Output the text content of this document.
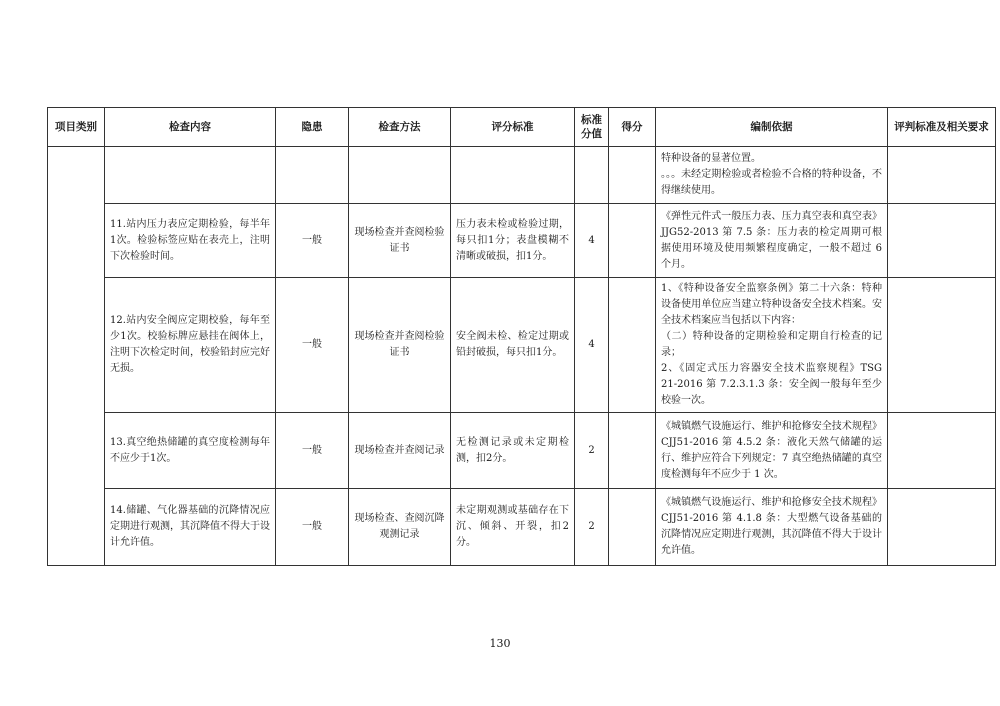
项目类别	检查内容	隐患	检查方法	评分标准	标准分值	得分	编制依据	评判标准及相关要求

							特种设备的显著位置。
。。。未经定期检验或者检验不合格的特种设备，不得继续使用。	

	11.站内压力表应定期检验，每半年1次。检验标签应贴在表壳上，注明下次检验时间。	一般	现场检查并查阅检验证书	压力表未检或检验过期，每只扣1分；表盘模糊不清晰或破损，扣1分。	4		《弹性元件式一般压力表、压力真空表和真空表》JJG52-2013 第 7.5 条：压力表的检定周期可根据使用环境及使用频繁程度确定，一般不超过 6 个月。	

	12.站内安全阀应定期校验，每年至少1次。校验标牌应悬挂在阀体上，注明下次检定时间，校验铅封应完好无损。	一般	现场检查并查阅检验证书	安全阀未检、检定过期或铅封破损，每只扣1分。	4		1、《特种设备安全监察条例》第二十六条：特种设备使用单位应当建立特种设备安全技术档案。安全技术档案应当包括以下内容：
（二）特种设备的定期检验和定期自行检查的记录；
2、《固定式压力容器安全技术监察规程》TSG 21-2016 第 7.2.3.1.3 条：安全阀一般每年至少校验一次。	

	13.真空绝热储罐的真空度检测每年不应少于1次。	一般	现场检查并查阅记录	无检测记录或未定期检测，扣2分。	2		《城镇燃气设施运行、维护和抢修安全技术规程》CJJ51-2016 第 4.5.2 条：液化天然气储罐的运行、维护应符合下列规定：7 真空绝热储罐的真空度检测每年不应少于 1 次。	

	14.储罐、气化器基础的沉降情况应定期进行观测，其沉降值不得大于设计允许值。	一般	现场检查、查阅沉降观测记录	未定期观测或基础存在下沉、倾斜、开裂，扣2分。	2		《城镇燃气设施运行、维护和抢修安全技术规程》CJJ51-2016 第 4.1.8 条：大型燃气设备基础的沉降情况应定期进行观测，其沉降值不得大于设计允许值。	

130
